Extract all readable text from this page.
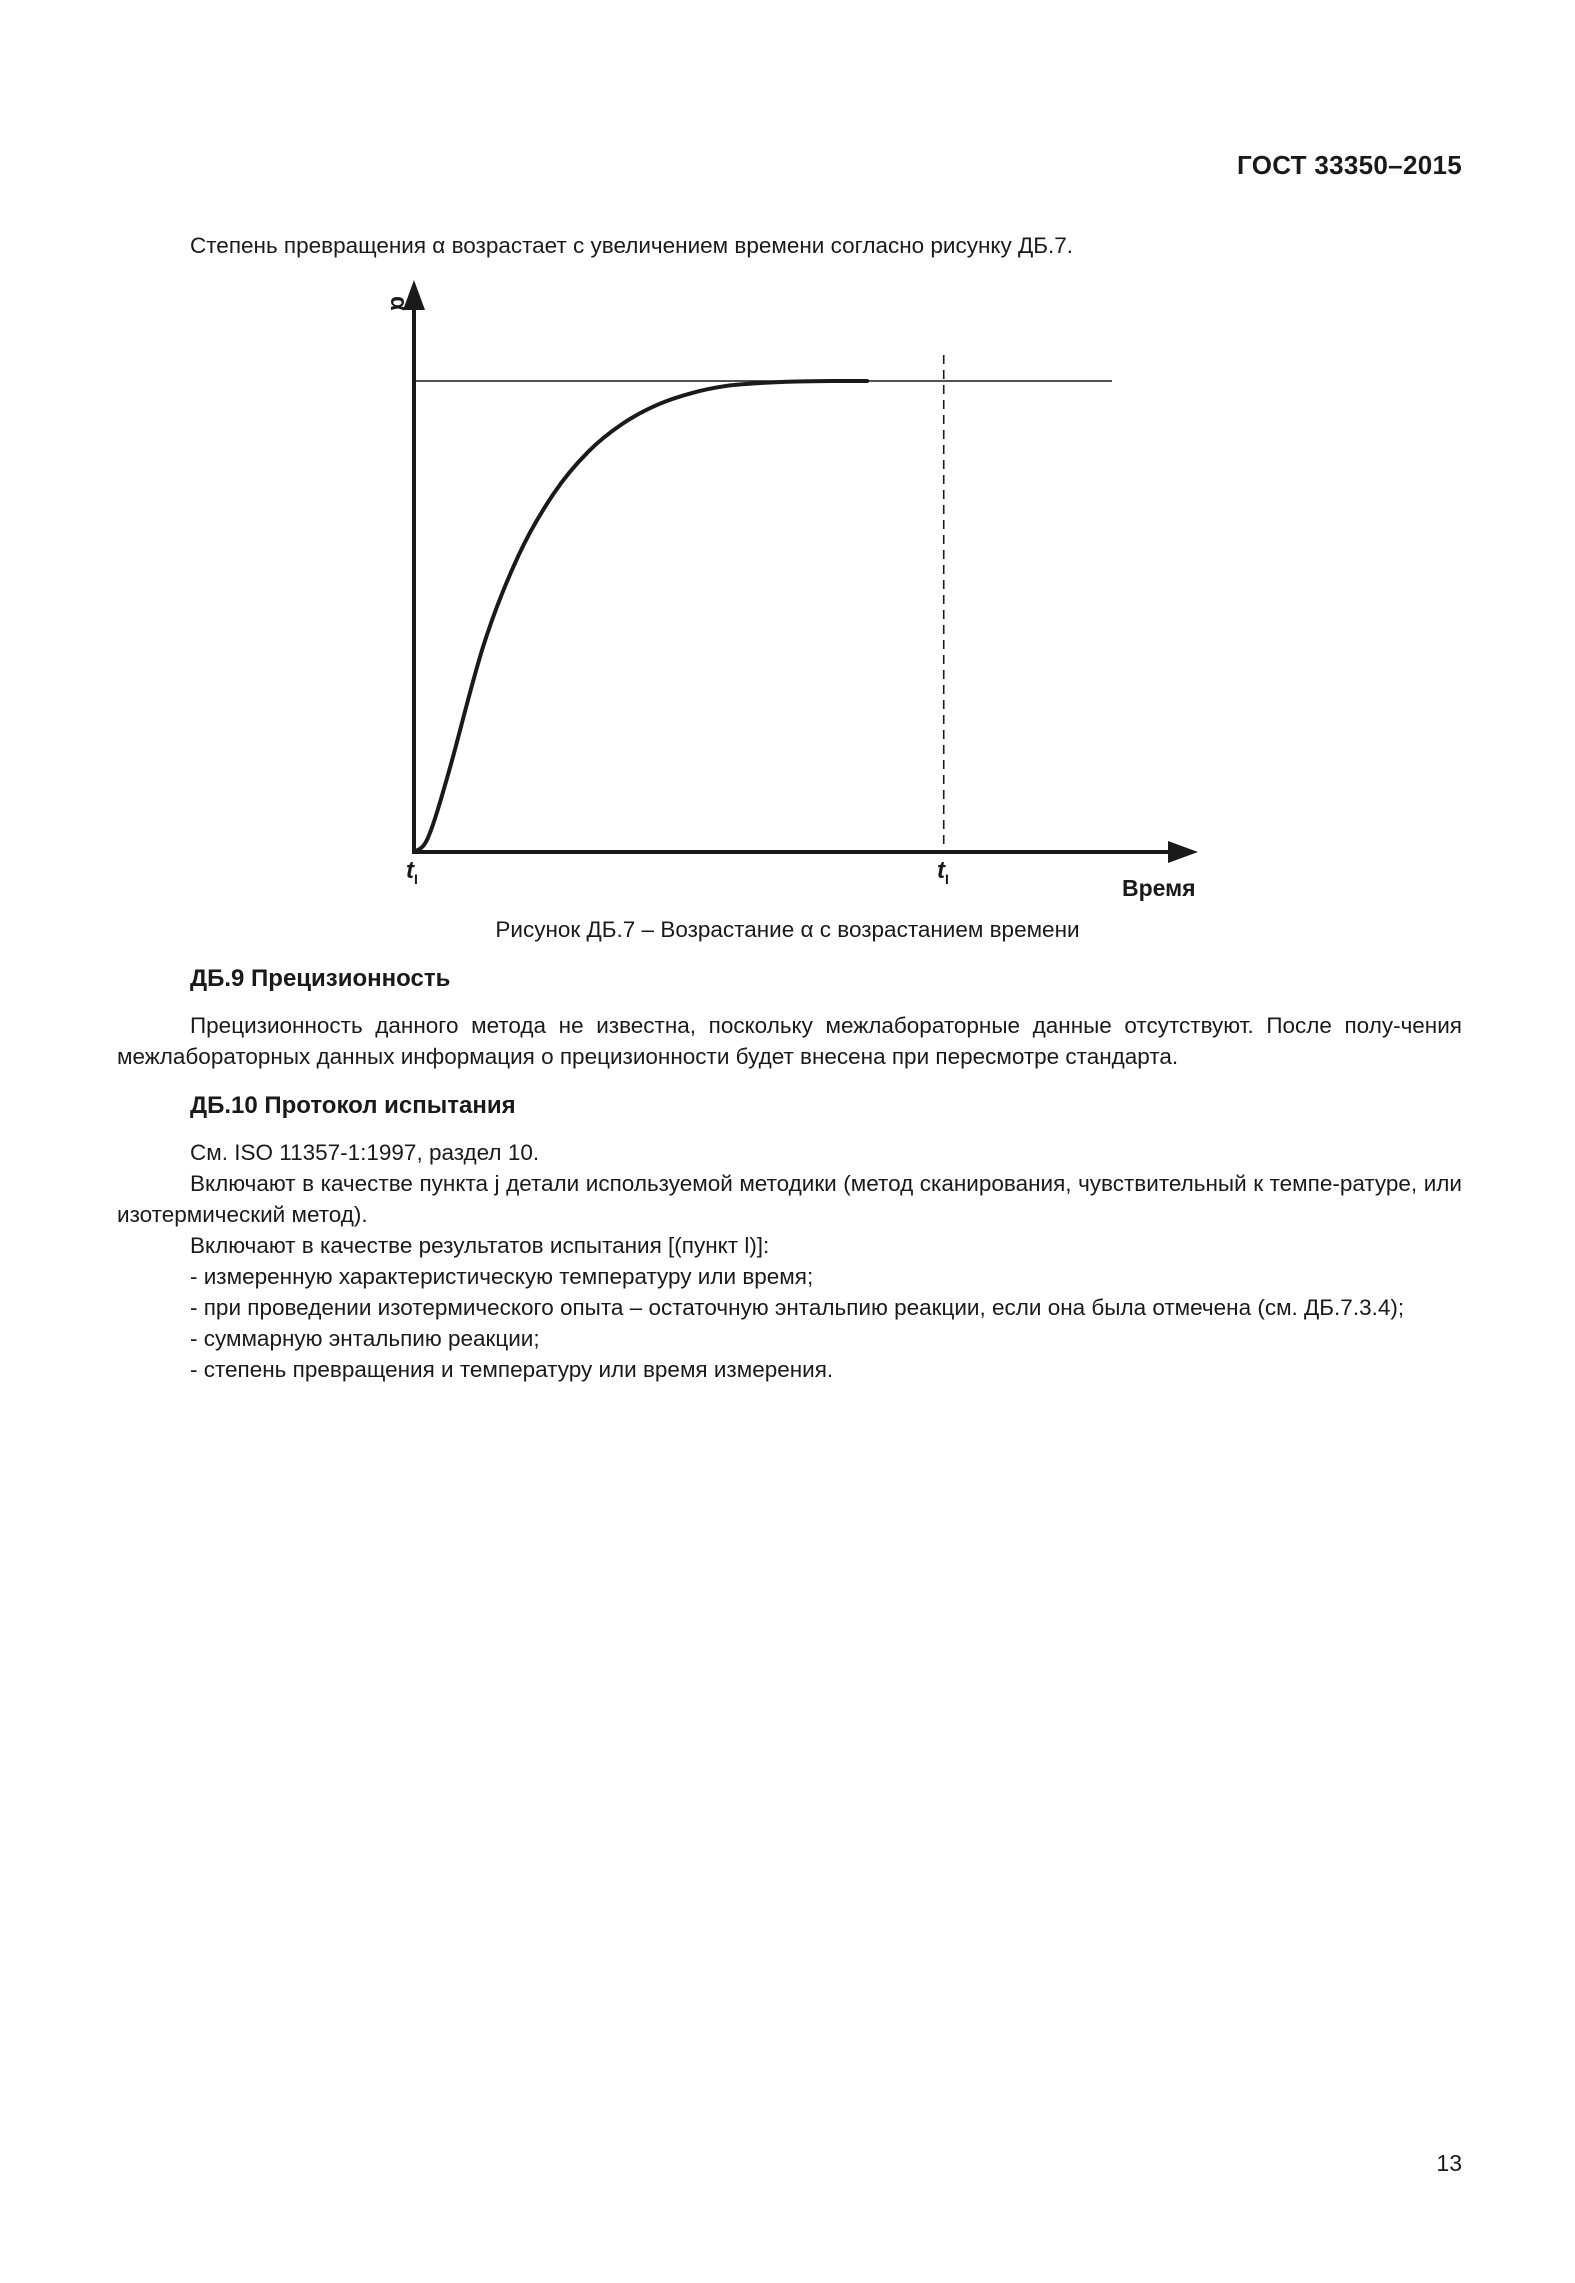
ГОСТ 33350–2015
Степень превращения α возрастает с увеличением времени согласно рисунку ДБ.7.
α
Время
$t_I$	$t_I$
Рисунок ДБ.7 – Возрастание α с возрастанием времени
ДБ.9 Прецизионность

Прецизионность данного метода не известна, поскольку межлабораторные данные отсутствуют. После полу-чения межлабораторных данных информация о прецизионности будет внесена при пересмотре стандарта.

ДБ.10 Протокол испытания

См. ISO 11357-1:1997, раздел 10.

Включают в качестве пункта j детали используемой методики (метод сканирования, чувствительный к темпе-ратуре, или изотермический метод).

Включают в качестве результатов испытания [(пункт l)]:

- измеренную характеристическую температуру или время;

- при проведении изотермического опыта – остаточную энтальпию реакции, если она была отмечена (см. ДБ.7.3.4);

- суммарную энтальпию реакции;

- степень превращения и температуру или время измерения.

13
